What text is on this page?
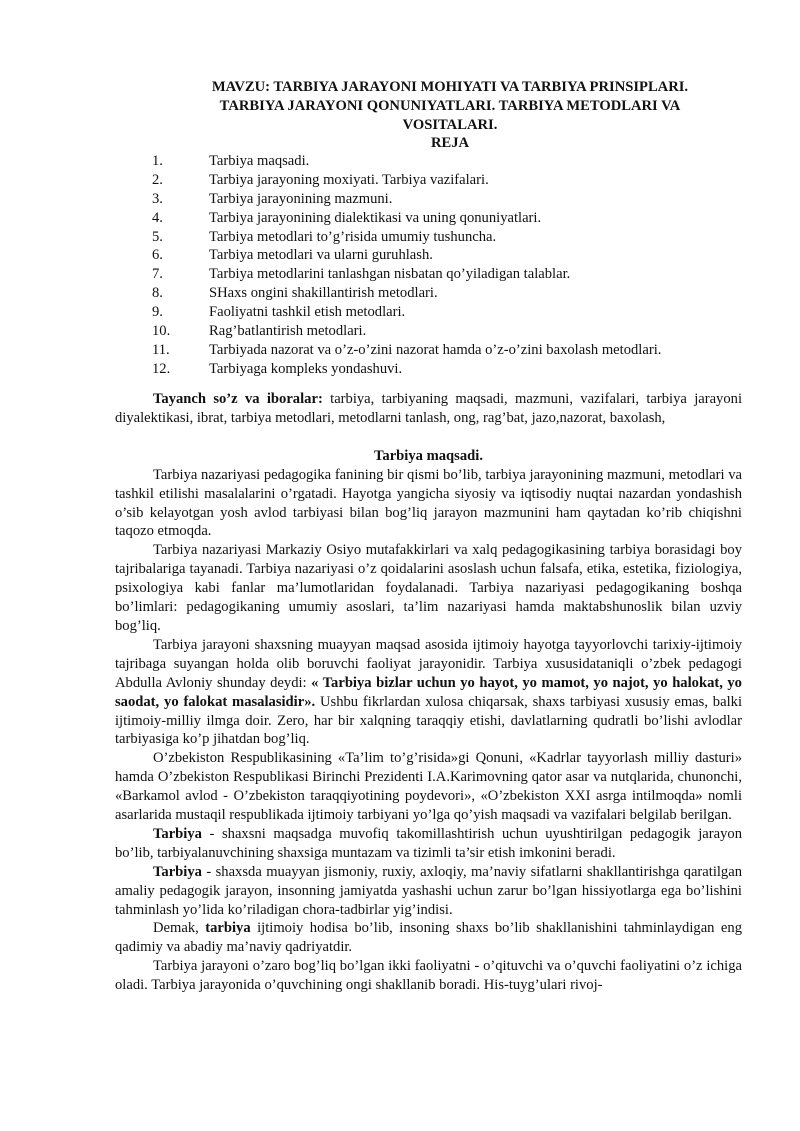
MAVZU: TARBIYA JARAYONI MOHIYATI VA TARBIYA PRINSIPLARI.
TARBIYA JARAYONI QONUNIYATLARI. TARBIYA METODLARI VA
VOSITALARI.
REJA
1.	Tarbiya maqsadi.
2.	Tarbiya jarayoning moxiyati. Tarbiya vazifalari.
3.	Tarbiya jarayonining mazmuni.
4.	Tarbiya jarayonining dialektikasi va uning qonuniyatlari.
5.	Tarbiya metodlari to’g’risida umumiy tushuncha.
6.	Tarbiya metodlari va ularni guruhlash.
7.	Tarbiya metodlarini tanlashgan nisbatan qo’yiladigan talablar.
8.	SHaxs ongini shakillantirish metodlari.
9.	Faoliyatni tashkil etish metodlari.
10.	Rag’batlantirish metodlari.
11.	Tarbiyada nazorat va o’z-o’zini nazorat hamda o’z-o’zini baxolash metodlari.
12.	Tarbiyaga kompleks yondashuvi.

Tayanch so’z va iboralar: tarbiya, tarbiyaning maqsadi, mazmuni, vazifalari, tarbiya jarayoni diyalektikasi, ibrat, tarbiya metodlari, metodlarni tanlash, ong, rag’bat, jazo,nazorat, baxolash,

Tarbiya maqsadi.

Tarbiya nazariyasi pedagogika fanining bir qismi bo’lib, tarbiya jarayonining mazmuni, metodlari va tashkil etilishi masalalarini o’rgatadi. Hayotga yangicha siyosiy va iqtisodiy nuqtai nazardan yondashish o’sib kelayotgan yosh avlod tarbiyasi bilan bog’liq jarayon mazmunini ham qaytadan ko’rib chiqishni taqozo etmoqda.

Tarbiya nazariyasi Markaziy Osiyo mutafakkirlari va xalq pedagogikasining tarbiya borasidagi boy tajribalariga tayanadi. Tarbiya nazariyasi o’z qoidalarini asoslash uchun falsafa, etika, estetika, fiziologiya, psixologiya kabi fanlar ma’lumotlaridan foydalanadi. Tarbiya nazariyasi pedagogikaning boshqa bo’limlari: pedagogikaning umumiy asoslari, ta’lim nazariyasi hamda maktabshunoslik bilan uzviy bog’liq.

Tarbiya jarayoni shaxsning muayyan maqsad asosida ijtimoiy hayotga tayyorlovchi tarixiy-ijtimoiy tajribaga suyangan holda olib boruvchi faoliyat jarayonidir. Tarbiya xususidataniqli o’zbek pedagogi Abdulla Avloniy shunday deydi: « Tarbiya bizlar uchun yo hayot, yo mamot, yo najot, yo halokat, yo saodat, yo falokat masalasidir». Ushbu fikrlardan xulosa chiqarsak, shaxs tarbiyasi xususiy emas, balki ijtimoiy-milliy ilmga doir. Zero, har bir xalqning taraqqiy etishi, davlatlarning qudratli bo’lishi avlodlar tarbiyasiga ko’p jihatdan bog’liq.

O’zbekiston Respublikasining «Ta’lim to’g’risida»gi Qonuni, «Kadrlar tayyorlash milliy dasturi» hamda O’zbekiston Respublikasi Birinchi Prezidenti I.A.Karimovning qator asar va nutqlarida, chunonchi, «Barkamol avlod - O’zbekiston taraqqiyotining poydevori», «O’zbekiston XXI asrga intilmoqda» nomli asarlarida mustaqil respublikada ijtimoiy tarbiyani yo’lga qo’yish maqsadi va vazifalari belgilab berilgan.

Tarbiya - shaxsni maqsadga muvofiq takomillashtirish uchun uyushtirilgan pedagogik jarayon bo’lib, tarbiyalanuvchining shaxsiga muntazam va tizimli ta’sir etish imkonini beradi.

Tarbiya - shaxsda muayyan jismoniy, ruxiy, axloqiy, ma’naviy sifatlarni shakllantirishga qaratilgan amaliy pedagogik jarayon, insonning jamiyatda yashashi uchun zarur bo’lgan hissiyotlarga ega bo’lishini tahminlash yo’lida ko’riladigan chora-tadbirlar yig’indisi.

Demak, tarbiya ijtimoiy hodisa bo’lib, insoning shaxs bo’lib shakllanishini tahminlaydigan eng qadimiy va abadiy ma’naviy qadriyatdir.

Tarbiya jarayoni o’zaro bog’liq bo’lgan ikki faoliyatni - o’qituvchi va o’quvchi faoliyatini o’z ichiga oladi. Tarbiya jarayonida o’quvchining ongi shakllanib boradi. His-tuyg’ulari rivoj-
